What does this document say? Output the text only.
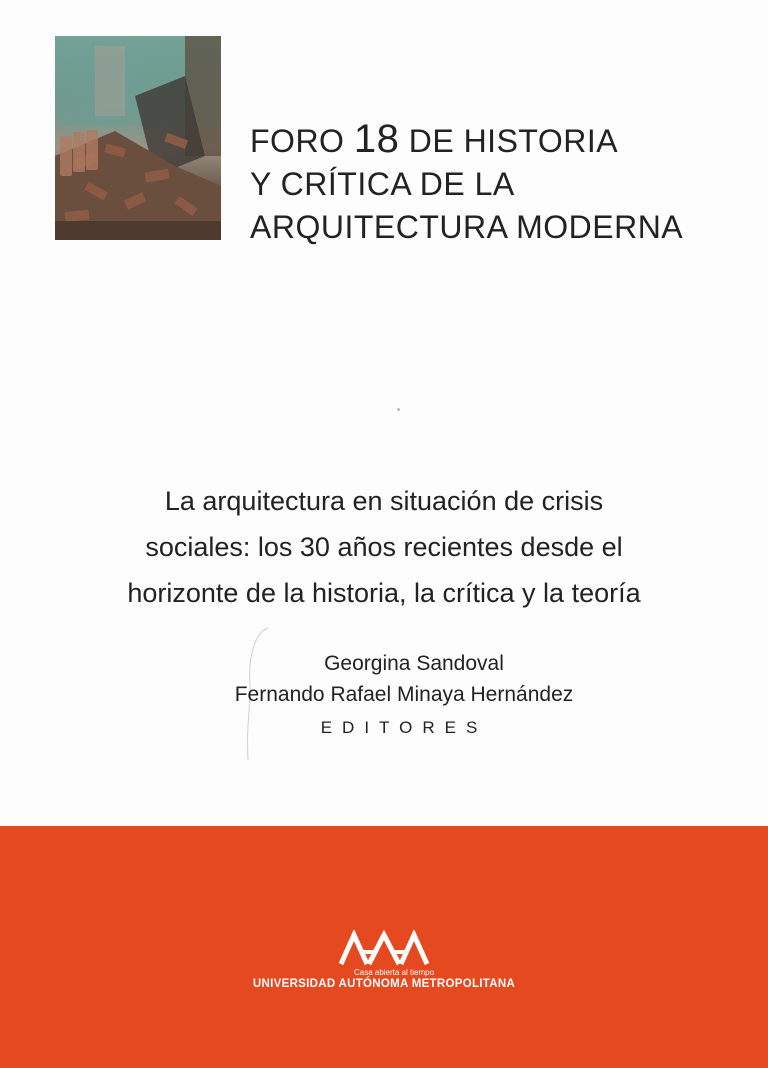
FORO 18 DE HISTORIA
Y CRÍTICA DE LA
ARQUITECTURA MODERNA
La arquitectura en situación de crisis
sociales: los 30 años recientes desde el
horizonte de la historia, la crítica y la teoría
Georgina Sandoval
Fernando Rafael Minaya Hernández
EDITORES
Casa abierta al tiempo
UNIVERSIDAD AUTÓNOMA METROPOLITANA
